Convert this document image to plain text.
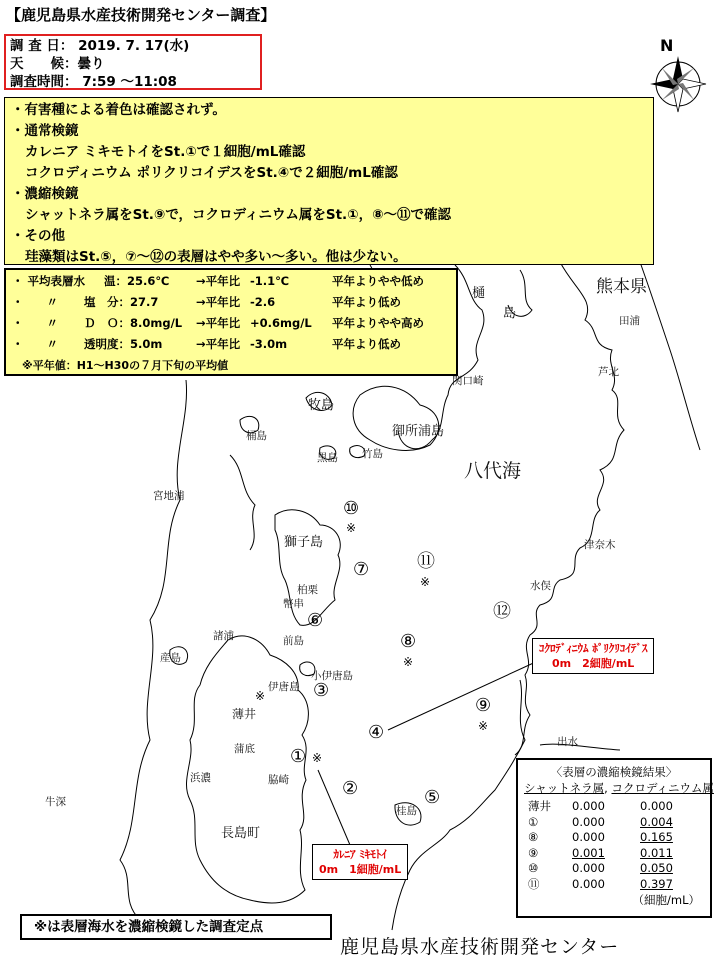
N
【鹿児島県水産技術開発センター調査】
調 査 日： 2019. 7. 17(水)
天　　候：曇り
調査時間： 7:59 ～11:08
・有害種による着色は確認されず。
・通常検鏡
カレニア ミキモトイをSt.①で１細胞/mL確認
コクロディニウム ポリクリコイデスをSt.④で２細胞/mL確認
・濃縮検鏡
シャットネラ属をSt.⑨で，コクロディニウム属をSt.①，⑧～⑪で確認
・その他
珪藻類はSt.⑤，⑦～⑫の表層はやや多い～多い。他は少ない。
・ 平均表層水 温：25.6℃ →平年比 -1.1℃	平年よりやや低め
・　　〃 塩　分：27.7	→平年比 -2.6	平年より低め
・　　〃 Ｄ　Ｏ：8.0mg/L →平年比 +0.6mg/L 平年よりやや高め
・　　〃 透明度：5.0m	→平年比 -3.0m	平年より低め
※平年値：H1～H30の７月下旬の平均値
熊本県
田浦
芦北
樋
島
関口崎
牧島
御所浦島
桶島
黒島 竹島
八代海
宮地浦
獅子島	津奈木
水俣
柏栗
幣串
前島
諸浦
産島
小伊唐島
伊唐島
薄井
蒲底
浜濃	脇崎
牛深
長島町
桂島
出水
① ※
②
③
④
⑤
⑥
⑦
⑧
※
⑨
※
⑩
※
⑪
※
⑫
※
ｺｸﾛﾃﾞｨﾆｳﾑ ﾎﾟﾘｸﾘｺｲﾃﾞｽ
0m　2細胞/mL
ｶﾚﾆｱ ﾐｷﾓﾄｲ
0m　1細胞/mL
〈表層の濃縮検鏡結果〉
シャットネラ属, コクロディニウム属
薄井	0.000	0.000
①	0.000	0.004
⑧	0.000	0.165
⑨	0.001	0.011
⑩	0.000	0.050
⑪	0.000	0.397
（細胞/mL）
※は表層海水を濃縮検鏡した調査定点
鹿児島県水産技術開発センター
